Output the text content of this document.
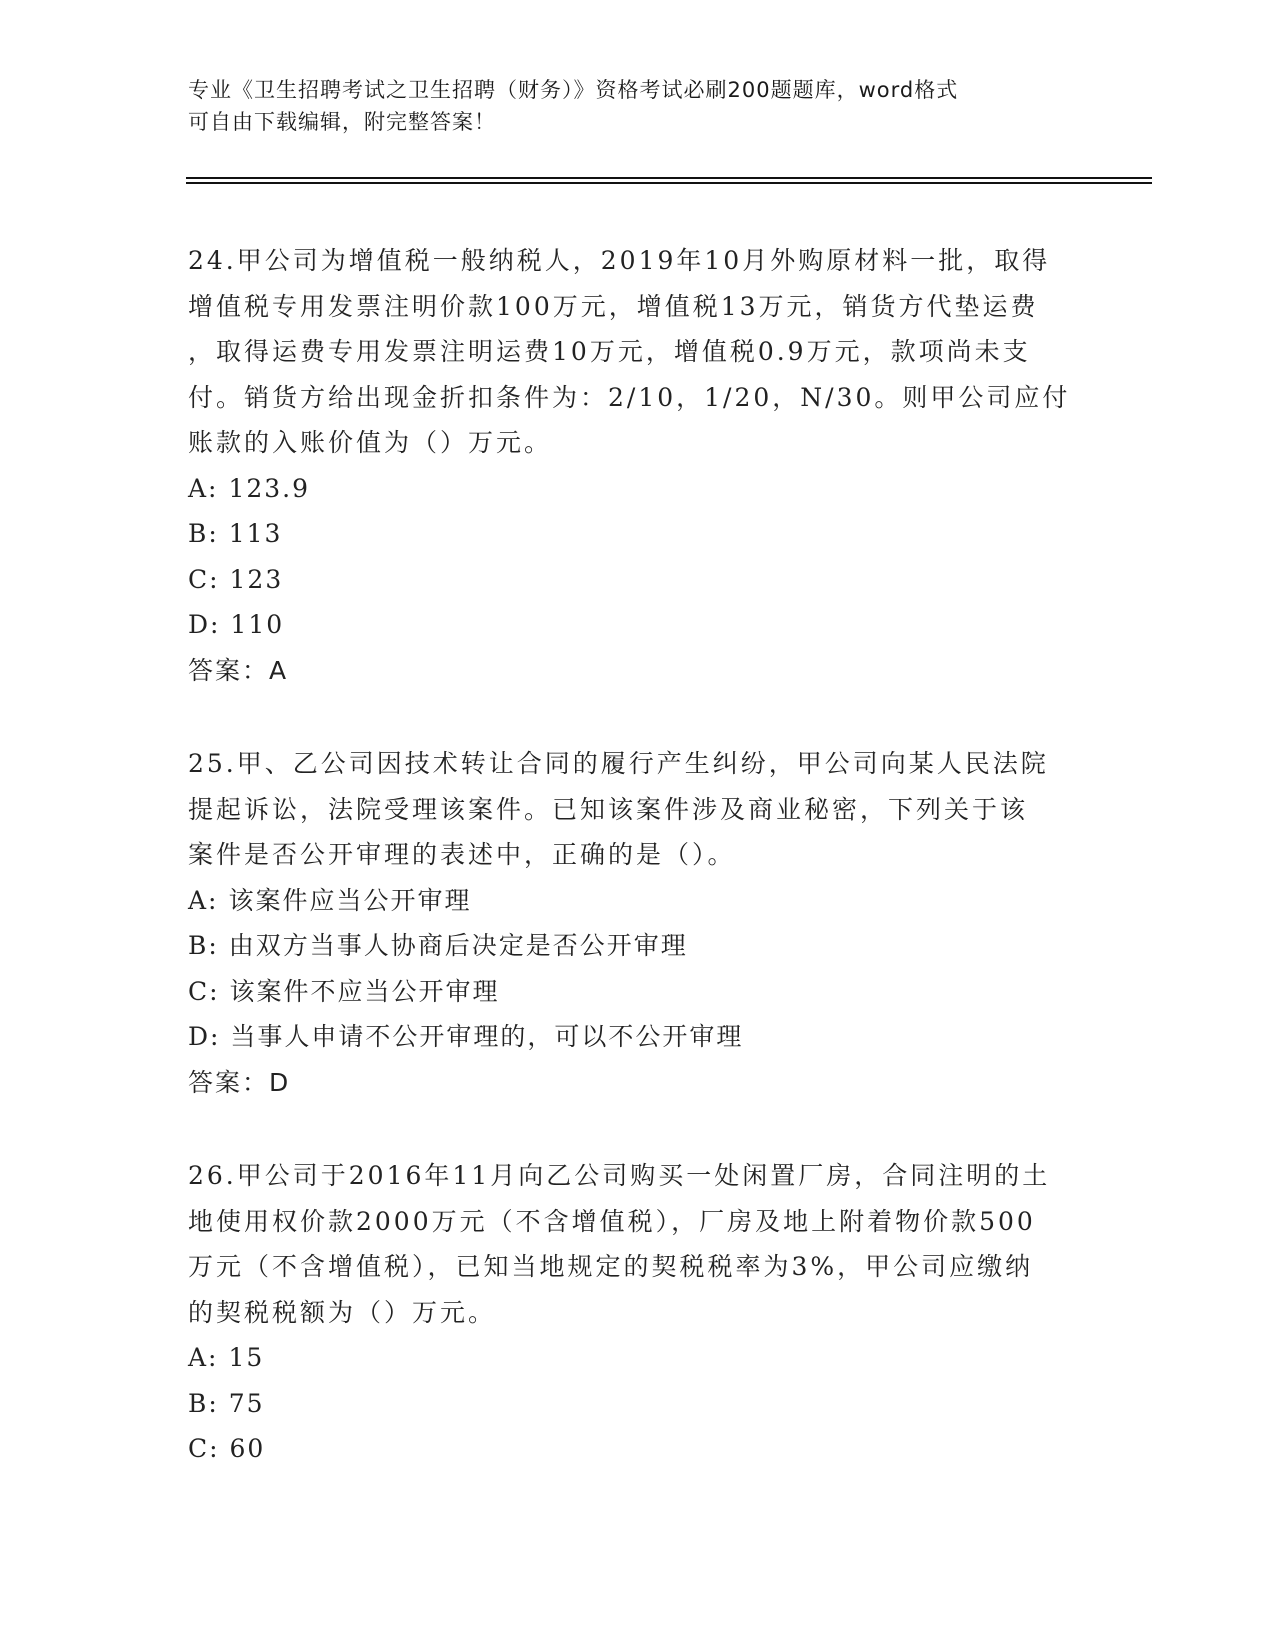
专业《卫生招聘考试之卫生招聘（财务）》资格考试必刷200题题库，word格式
可自由下载编辑，附完整答案！
24.甲公司为增值税一般纳税人，2019年10月外购原材料一批，取得
增值税专用发票注明价款100万元，增值税13万元，销货方代垫运费
，取得运费专用发票注明运费10万元，增值税0.9万元，款项尚未支
付。销货方给出现金折扣条件为：2/10，1/20，N/30。则甲公司应付
账款的入账价值为（）万元。
A: 123.9
B: 113
C: 123
D: 110
答案：A
25.甲、乙公司因技术转让合同的履行产生纠纷，甲公司向某人民法院
提起诉讼，法院受理该案件。已知该案件涉及商业秘密，下列关于该
案件是否公开审理的表述中，正确的是（）。
A: 该案件应当公开审理
B: 由双方当事人协商后决定是否公开审理
C: 该案件不应当公开审理
D: 当事人申请不公开审理的，可以不公开审理
答案：D
26.甲公司于2016年11月向乙公司购买一处闲置厂房，合同注明的土
地使用权价款2000万元（不含增值税），厂房及地上附着物价款500
万元（不含增值税），已知当地规定的契税税率为3%，甲公司应缴纳
的契税税额为（）万元。
A: 15
B: 75
C: 60
